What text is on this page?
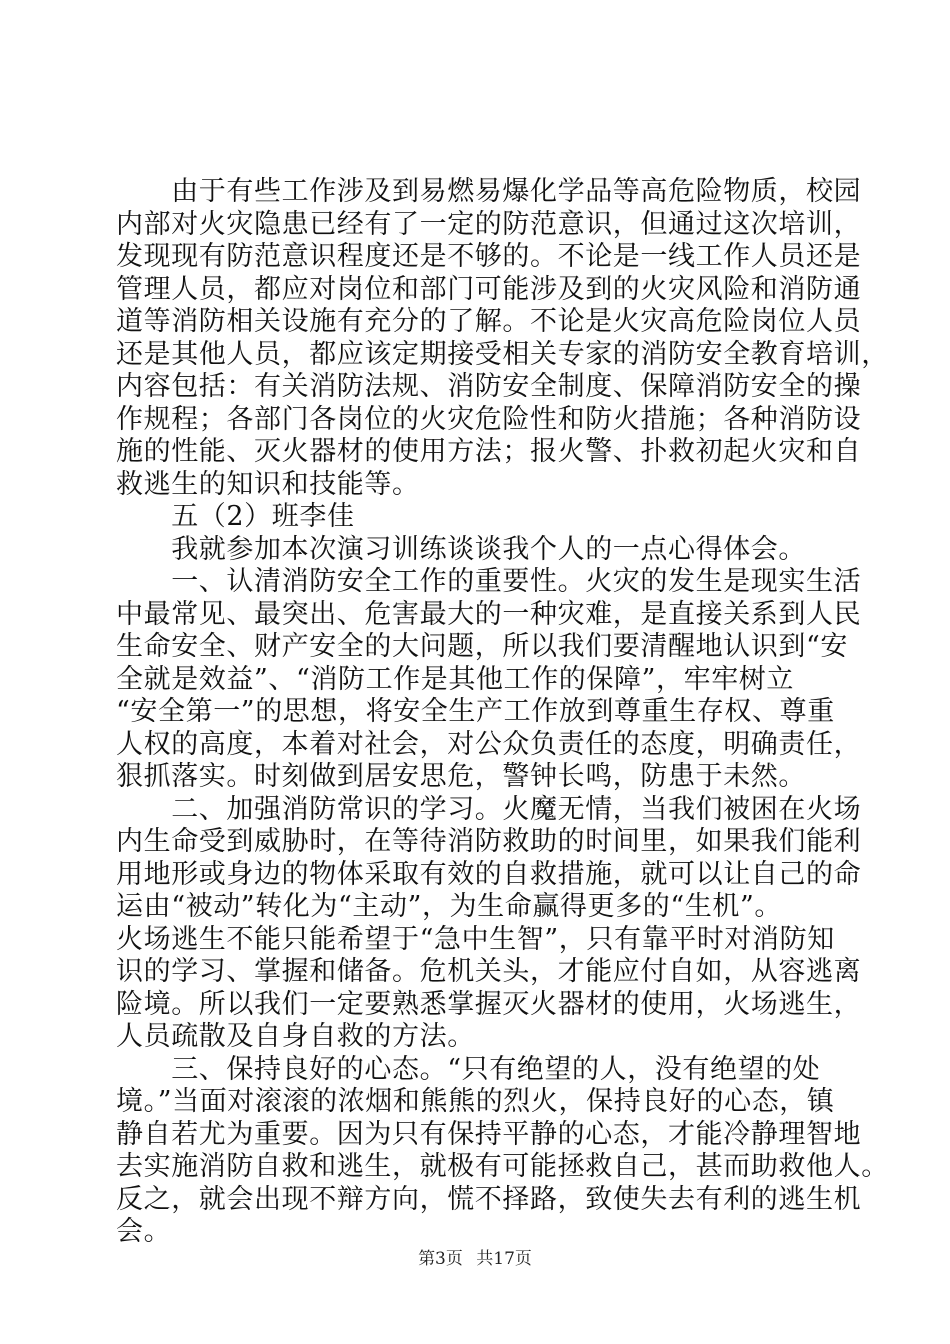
　　由于有些工作涉及到易燃易爆化学品等高危险物质，校园
内部对火灾隐患已经有了一定的防范意识，但通过这次培训，
发现现有防范意识程度还是不够的。不论是一线工作人员还是
管理人员，都应对岗位和部门可能涉及到的火灾风险和消防通
道等消防相关设施有充分的了解。不论是火灾高危险岗位人员
还是其他人员，都应该定期接受相关专家的消防安全教育培训，
内容包括：有关消防法规、消防安全制度、保障消防安全的操
作规程；各部门各岗位的火灾危险性和防火措施；各种消防设
施的性能、灭火器材的使用方法；报火警、扑救初起火灾和自
救逃生的知识和技能等。
　　五（2）班李佳
　　我就参加本次演习训练谈谈我个人的一点心得体会。
　　一、认清消防安全工作的重要性。火灾的发生是现实生活
中最常见、最突出、危害最大的一种灾难，是直接关系到人民
生命安全、财产安全的大问题，所以我们要清醒地认识到“安
全就是效益”、“消防工作是其他工作的保障”，牢牢树立
“安全第一”的思想，将安全生产工作放到尊重生存权、尊重
人权的高度，本着对社会，对公众负责任的态度，明确责任，
狠抓落实。时刻做到居安思危，警钟长鸣，防患于未然。
　　二、加强消防常识的学习。火魔无情，当我们被困在火场
内生命受到威胁时，在等待消防救助的时间里，如果我们能利
用地形或身边的物体采取有效的自救措施，就可以让自己的命
运由“被动”转化为“主动”，为生命赢得更多的“生机”。
火场逃生不能只能希望于“急中生智”，只有靠平时对消防知
识的学习、掌握和储备。危机关头，才能应付自如，从容逃离
险境。所以我们一定要熟悉掌握灭火器材的使用，火场逃生，
人员疏散及自身自救的方法。
　　三、保持良好的心态。“只有绝望的人，没有绝望的处
境。”当面对滚滚的浓烟和熊熊的烈火，保持良好的心态，镇
静自若尤为重要。因为只有保持平静的心态，才能冷静理智地
去实施消防自救和逃生，就极有可能拯救自己，甚而助救他人。
反之，就会出现不辩方向，慌不择路，致使失去有利的逃生机
会。
第3页 共17页
